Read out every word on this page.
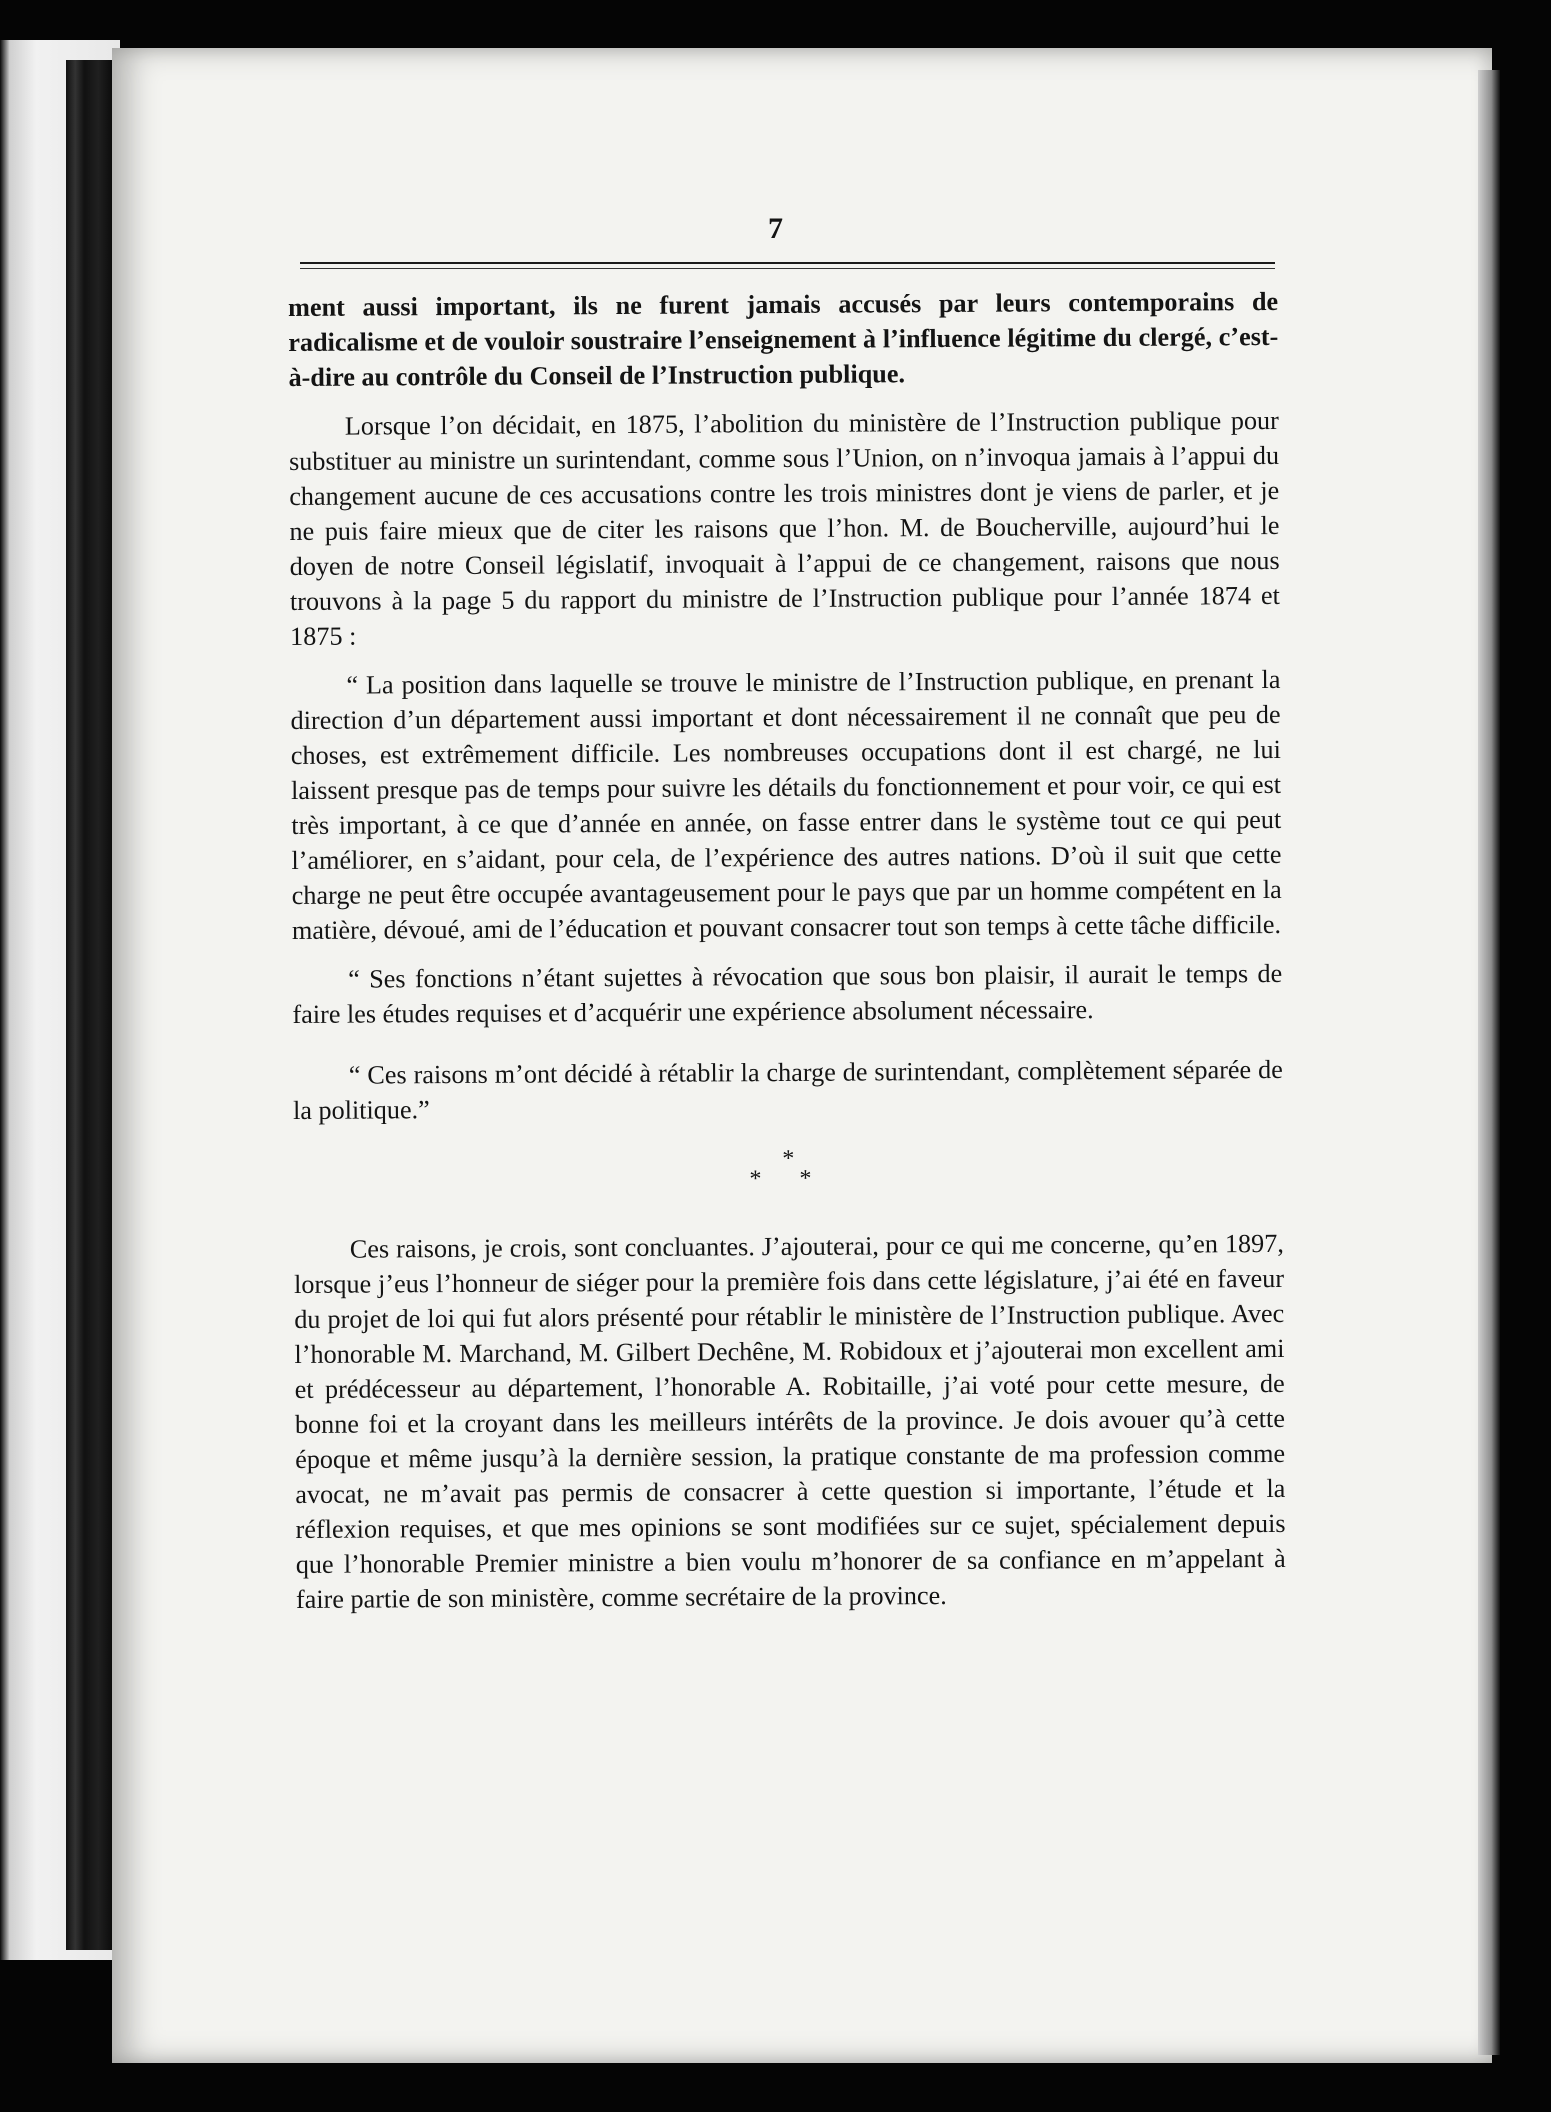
7

ment aussi important, ils ne furent jamais accusés par leurs contemporains de radicalisme et de vouloir soustraire l’enseignement à l’influence légitime du clergé, c’est-à-dire au contrôle du Conseil de l’Instruction publique.

Lorsque l’on décidait, en 1875, l’abolition du ministère de l’Instruction publique pour substituer au ministre un surintendant, comme sous l’Union, on n’invoqua jamais à l’appui du changement aucune de ces accusations contre les trois ministres dont je viens de parler, et je ne puis faire mieux que de citer les raisons que l’hon. M. de Boucherville, aujourd’hui le doyen de notre Conseil législatif, invoquait à l’appui de ce changement, raisons que nous trouvons à la page 5 du rapport du ministre de l’Instruction publique pour l’année 1874 et 1875 :

“ La position dans laquelle se trouve le ministre de l’Instruction publique, en prenant la direction d’un département aussi important et dont nécessairement il ne connaît que peu de choses, est extrêmement difficile. Les nombreuses occupations dont il est chargé, ne lui laissent presque pas de temps pour suivre les détails du fonctionnement et pour voir, ce qui est très important, à ce que d’année en année, on fasse entrer dans le système tout ce qui peut l’améliorer, en s’aidant, pour cela, de l’expérience des autres nations. D’où il suit que cette charge ne peut être occupée avantageusement pour le pays que par un homme compétent en la matière, dévoué, ami de l’éducation et pouvant consacrer tout son temps à cette tâche difficile.

“ Ses fonctions n’étant sujettes à révocation que sous bon plaisir, il aurait le temps de faire les études requises et d’acquérir une expérience absolument nécessaire.

“ Ces raisons m’ont décidé à rétablir la charge de surintendant, complètement séparée de la politique.”

*
* *

Ces raisons, je crois, sont concluantes. J’ajouterai, pour ce qui me concerne, qu’en 1897, lorsque j’eus l’honneur de siéger pour la première fois dans cette législature, j’ai été en faveur du projet de loi qui fut alors présenté pour rétablir le ministère de l’Instruction publique. Avec l’honorable M. Marchand, M. Gilbert Dechêne, M. Robidoux et j’ajouterai mon excellent ami et prédécesseur au département, l’honorable A. Robitaille, j’ai voté pour cette mesure, de bonne foi et la croyant dans les meilleurs intérêts de la province. Je dois avouer qu’à cette époque et même jusqu’à la dernière session, la pratique constante de ma profession comme avocat, ne m’avait pas permis de consacrer à cette question si importante, l’étude et la réflexion requises, et que mes opinions se sont modifiées sur ce sujet, spécialement depuis que l’honorable Premier ministre a bien voulu m’honorer de sa confiance en m’appelant à faire partie de son ministère, comme secrétaire de la province.
